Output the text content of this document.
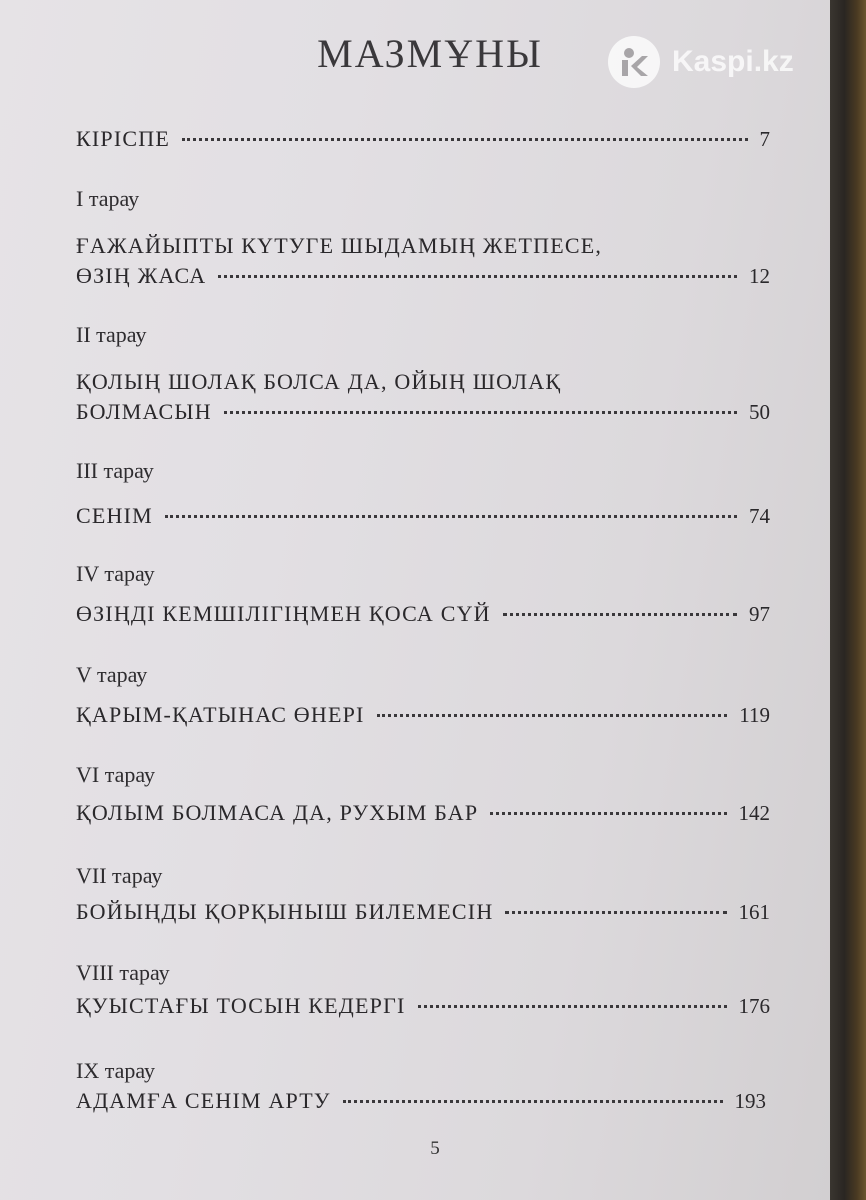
МАЗМҰНЫ	Kaspi.kz
КІРІСПЕ	7
I тарау
ҒАЖАЙЫПТЫ КҮТУГЕ ШЫДАМЫҢ ЖЕТПЕСЕ,
ӨЗІҢ ЖАСА	12
II тарау
ҚОЛЫҢ ШОЛАҚ БОЛСА ДА, ОЙЫҢ ШОЛАҚ
БОЛМАСЫН	50
III тарау
СЕНІМ	74
IV тарау
ӨЗІҢДІ КЕМШІЛІГІҢМЕН ҚОСА СҮЙ	97
V тарау
ҚАРЫМ-ҚАТЫНАС ӨНЕРІ	119
VI тарау
ҚОЛЫМ БОЛМАСА ДА, РУХЫМ БАР	142
VII тарау
БОЙЫҢДЫ ҚОРҚЫНЫШ БИЛЕМЕСІН	161
VIII тарау
ҚУЫСТАҒЫ ТОСЫН КЕДЕРГІ	176
IX тарау
АДАМҒА СЕНІМ АРТУ	193
5
